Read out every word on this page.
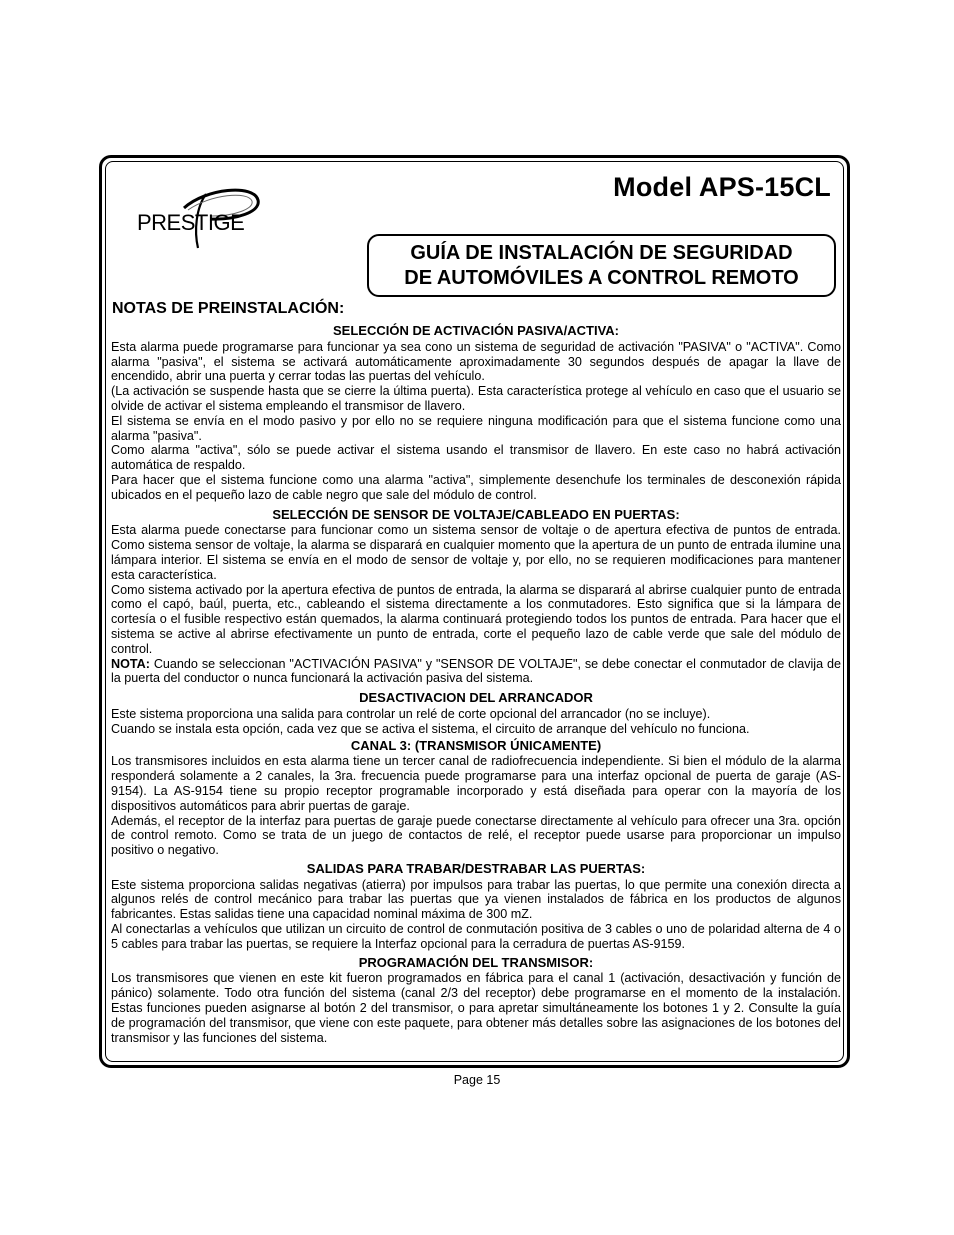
PRESTIGE
Model APS-15CL
GUÍA DE INSTALACIÓN DE SEGURIDAD
DE AUTOMÓVILES A CONTROL REMOTO
NOTAS DE PREINSTALACIÓN:
SELECCIÓN DE ACTIVACIÓN PASIVA/ACTIVA:

Esta alarma puede programarse para funcionar ya sea cono un sistema de seguridad de activación "PASIVA" o "ACTIVA". Como alarma "pasiva", el sistema se activará automáticamente aproximadamente 30 segundos después de apagar la llave de encendido, abrir una puerta y cerrar todas las puertas del vehículo.

(La activación se suspende hasta que se cierre la última puerta). Esta característica protege al vehículo en caso que el usuario se olvide de activar el sistema empleando el transmisor de llavero.

El sistema se envía en el modo pasivo y por ello no se requiere ninguna modificación para que el sistema funcione como una alarma "pasiva".

Como alarma "activa", sólo se puede activar el sistema usando el transmisor de llavero. En este caso no habrá activación automática de respaldo.

Para hacer que el sistema funcione como una alarma "activa", simplemente desenchufe los terminales de desconexión rápida ubicados en el pequeño lazo de cable negro que sale del módulo de control.

SELECCIÓN DE SENSOR DE VOLTAJE/CABLEADO EN PUERTAS:

Esta alarma puede conectarse para funcionar como un sistema sensor de voltaje o de apertura efectiva de puntos de entrada. Como sistema sensor de voltaje, la alarma se disparará en cualquier momento que la apertura de un punto de entrada ilumine una lámpara interior. El sistema se envía en el modo de sensor de voltaje y, por ello, no se requieren modificaciones para mantener esta característica.

Como sistema activado por la apertura efectiva de puntos de entrada, la alarma se disparará al abrirse cualquier punto de entrada como el capó, baúl, puerta, etc., cableando el sistema directamente a los conmutadores. Esto significa que si la lámpara de cortesía o el fusible respectivo están quemados, la alarma continuará protegiendo todos los puntos de entrada. Para hacer que el sistema se active al abrirse efectivamente un punto de entrada, corte el pequeño lazo de cable verde que sale del módulo de control.

NOTA: Cuando se seleccionan "ACTIVACIÓN PASIVA" y "SENSOR DE VOLTAJE", se debe conectar el conmutador de clavija de la puerta del conductor o nunca funcionará la activación pasiva del sistema.

DESACTIVACION DEL ARRANCADOR

Este sistema proporciona una salida para controlar un relé de corte opcional del arrancador (no se incluye).

Cuando se instala esta opción, cada vez que se activa el sistema, el circuito de arranque del vehículo no funciona.

CANAL 3: (TRANSMISOR ÚNICAMENTE)

Los transmisores incluidos en esta alarma tiene un tercer canal de radiofrecuencia independiente. Si bien el módulo de la alarma responderá solamente a 2 canales, la 3ra. frecuencia puede programarse para una interfaz opcional de puerta de garaje (AS-9154). La AS-9154 tiene su propio receptor programable incorporado y está diseñada para operar con la mayoría de los dispositivos automáticos para abrir puertas de garaje.

Además, el receptor de la interfaz para puertas de garaje puede conectarse directamente al vehículo para ofrecer una 3ra. opción de control remoto. Como se trata de un juego de contactos de relé, el receptor puede usarse para proporcionar un impulso positivo o negativo.

SALIDAS PARA TRABAR/DESTRABAR LAS PUERTAS:

Este sistema proporciona salidas negativas (atierra) por impulsos para trabar las puertas, lo que permite una conexión directa a algunos relés de control mecánico para trabar las puertas que ya vienen instalados de fábrica en los productos de algunos fabricantes. Estas salidas tiene una capacidad nominal máxima de 300 mZ.

Al conectarlas a vehículos que utilizan un circuito de control de conmutación positiva de 3 cables o uno de polaridad alterna de 4 o 5 cables para trabar las puertas, se requiere la Interfaz opcional para la cerradura de puertas AS-9159.

PROGRAMACIÓN DEL TRANSMISOR:

Los transmisores que vienen en este kit fueron programados en fábrica para el canal 1 (activación, desactivación y función de pánico) solamente. Todo otra función del sistema (canal 2/3 del receptor) debe programarse en el momento de la instalación. Estas funciones pueden asignarse al botón 2 del transmisor, o para apretar simultáneamente los botones 1 y 2. Consulte la guía de programación del transmisor, que viene con este paquete, para obtener más detalles sobre las asignaciones de los botones del transmisor y las funciones del sistema.

Page 15
